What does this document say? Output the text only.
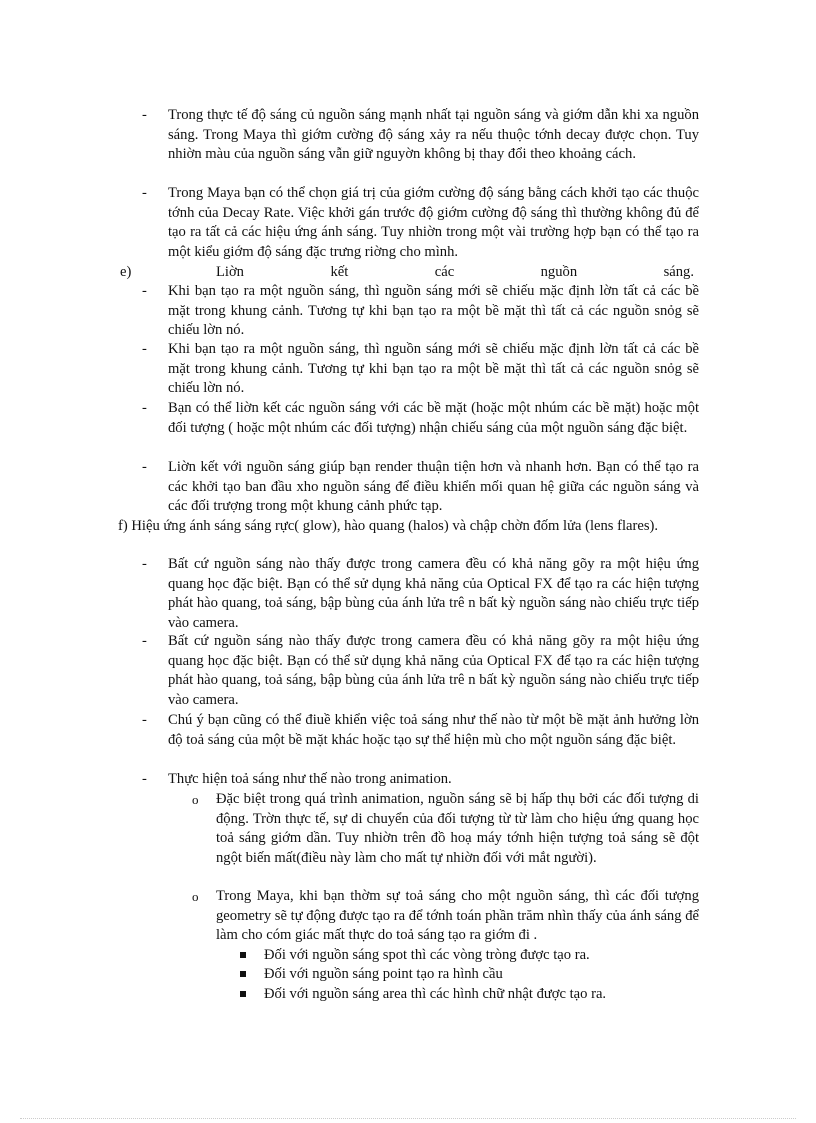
- Trong thực tế độ sáng củ nguồn sáng mạnh nhất tại nguồn sáng và giớm dẫn khi xa nguồn sáng. Trong Maya thì giớm cường độ sáng xảy ra nếu thuộc tớnh decay được chọn. Tuy nhiờn màu của nguồn sáng vẫn giữ nguyờn không bị thay đổi theo khoảng cách.
- Trong Maya bạn có thể chọn giá trị của giớm cường độ sáng bằng cách khởi tạo các thuộc tớnh của Decay Rate. Việc khởi gán trước độ giớm cường độ sáng thì thường không đủ để tạo ra tất cả các hiệu ứng ánh sáng. Tuy nhiờn trong một vài trường hợp bạn có thể tạo ra một kiểu giớm độ sáng đặc trưng riờng cho mình.
e)	Liờn	kết	các	nguồn	sáng.
- Khi bạn tạo ra một nguồn sáng, thì nguồn sáng mới sẽ chiếu mặc định lờn tất cả các bề mặt trong khung cảnh. Tương tự khi bạn tạo ra một bề mặt thì tất cả các nguồn snỏg sẽ chiếu lờn nó.
- Khi bạn tạo ra một nguồn sáng, thì nguồn sáng mới sẽ chiếu mặc định lờn tất cả các bề mặt trong khung cảnh. Tương tự khi bạn tạo ra một bề mặt thì tất cả các nguồn snỏg sẽ chiếu lờn nó.
- Bạn có thể liờn kết các nguồn sáng với các bề mặt (hoặc một nhúm các bề mặt) hoặc một đối tượng ( hoặc một nhúm các đối tượng) nhận chiếu sáng của một nguồn sáng đặc biệt.
- Liờn kết với nguồn sáng giúp bạn render thuận tiện hơn và nhanh hơn. Bạn có thể tạo ra các khởi tạo ban đầu xho nguồn sáng để điều khiển mối quan hệ giữa các nguồn sáng và các đối trượng trong một khung cảnh phức tạp.
f) Hiệu ứng ánh sáng sáng rực( glow), hào quang (halos) và chập chờn đốm lửa (lens flares).
- Bất cứ nguồn sáng nào thấy được trong camera đều có khả năng gõy ra một hiệu ứng quang học đặc biệt. Bạn có thể sử dụng khả năng của Optical FX để tạo ra các hiện tượng phát hào quang, toả sáng, bập bùng của ánh lửa trê n bất kỳ nguồn sáng nào chiếu trực tiếp vào camera.
- Bất cứ nguồn sáng nào thấy được trong camera đều có khả năng gõy ra một hiệu ứng quang học đặc biệt. Bạn có thể sử dụng khả năng của Optical FX để tạo ra các hiện tượng phát hào quang, toả sáng, bập bùng của ánh lửa trê n bất kỳ nguồn sáng nào chiếu trực tiếp vào camera.
- Chú ý bạn cũng có thể điuề khiển việc toả sáng như thế nào từ một bề mặt ảnh hưởng lờn độ toả sáng của một bề mặt khác hoặc tạo sự thể hiện mù cho một nguồn sáng đặc biệt.
- Thực hiện toả sáng như thế nào trong animation.
o Đặc biệt trong quá trình animation, nguồn sáng sẽ bị hấp thụ bởi các đối tượng di động. Trờn thực tế, sự di chuyển của đối tượng từ từ làm cho hiệu ứng quang học toả sáng giớm dần. Tuy nhiờn trên đồ hoạ máy tớnh hiện tượng toả sáng sẽ đột ngột biến mất(điều này làm cho mất tự nhiờn đối với mắt người).
o Trong Maya, khi bạn thờm sự toả sáng cho một nguồn sáng, thì các đối tượng geometry sẽ tự động được tạo ra để tớnh toán phần trăm nhìn thấy của ánh sáng để làm cho cóm giác mất thực do toả sáng tạo ra giớm đi .
Đối với nguồn sáng spot thì các vòng tròng được tạo ra.
Đối với nguồn sáng point tạo ra hình cầu
Đối với nguồn sáng area thì các hình chữ nhật được tạo ra.
